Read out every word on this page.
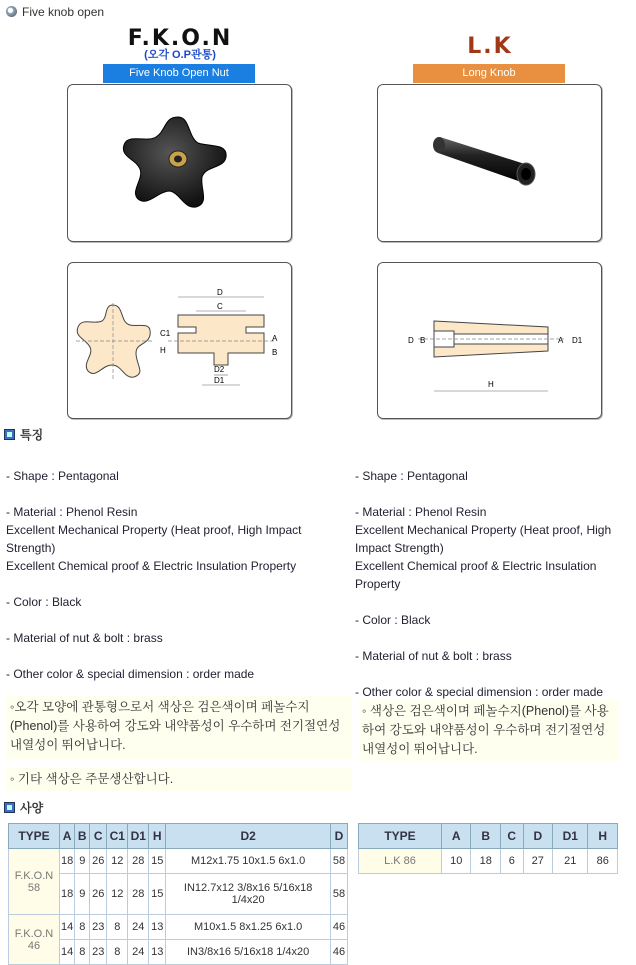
Five knob open
F.K.O.N
(오각 O.P관통)
Five Knob Open Nut
L.K
Long Knob
D
C
C1
H
A
B
D2
D1
D B	A D1
H
특징
- Shape : Pentagonal
- Material : Phenol Resin
Excellent Mechanical Property (Heat proof, High Impact Strength)
Excellent Chemical proof & Electric Insulation Property
- Color : Black
- Material of nut & bolt : brass
- Other color & special dimension : order made
◦오각 모양에 관통형으로서 색상은 검은색이며 페놀수지(Phenol)를 사용하여 강도와 내약품성이 우수하며 전기절연성 내열성이 뛰어납니다.
◦ 기타 색상은 주문생산합니다.
- Shape : Pentagonal
- Material : Phenol Resin
Excellent Mechanical Property (Heat proof, High Impact Strength)
Excellent Chemical proof & Electric Insulation Property
- Color : Black
- Material of nut & bolt : brass
- Other color & special dimension : order made
◦ 색상은 검은색이며 페놀수지(Phenol)를 사용하여 강도와 내약품성이 우수하며 전기절연성 내열성이 뛰어납니다.
사양
TYPE	A	B	C	C1	D1	H	D2	D
F.K.O.N 58	18	9	26	12	28	15	M12x1.75 10x1.5 6x1.0	58
	18	9	26	12	28	15	IN12.7x12 3/8x16 5/16x18 1/4x20	58
F.K.O.N 46	14	8	23	8	24	13	M10x1.5 8x1.25 6x1.0	46
	14	8	23	8	24	13	IN3/8x16 5/16x18 1/4x20	46
TYPE	A	B	C	D	D1	H
L.K 86	10	18	6	27	21	86
